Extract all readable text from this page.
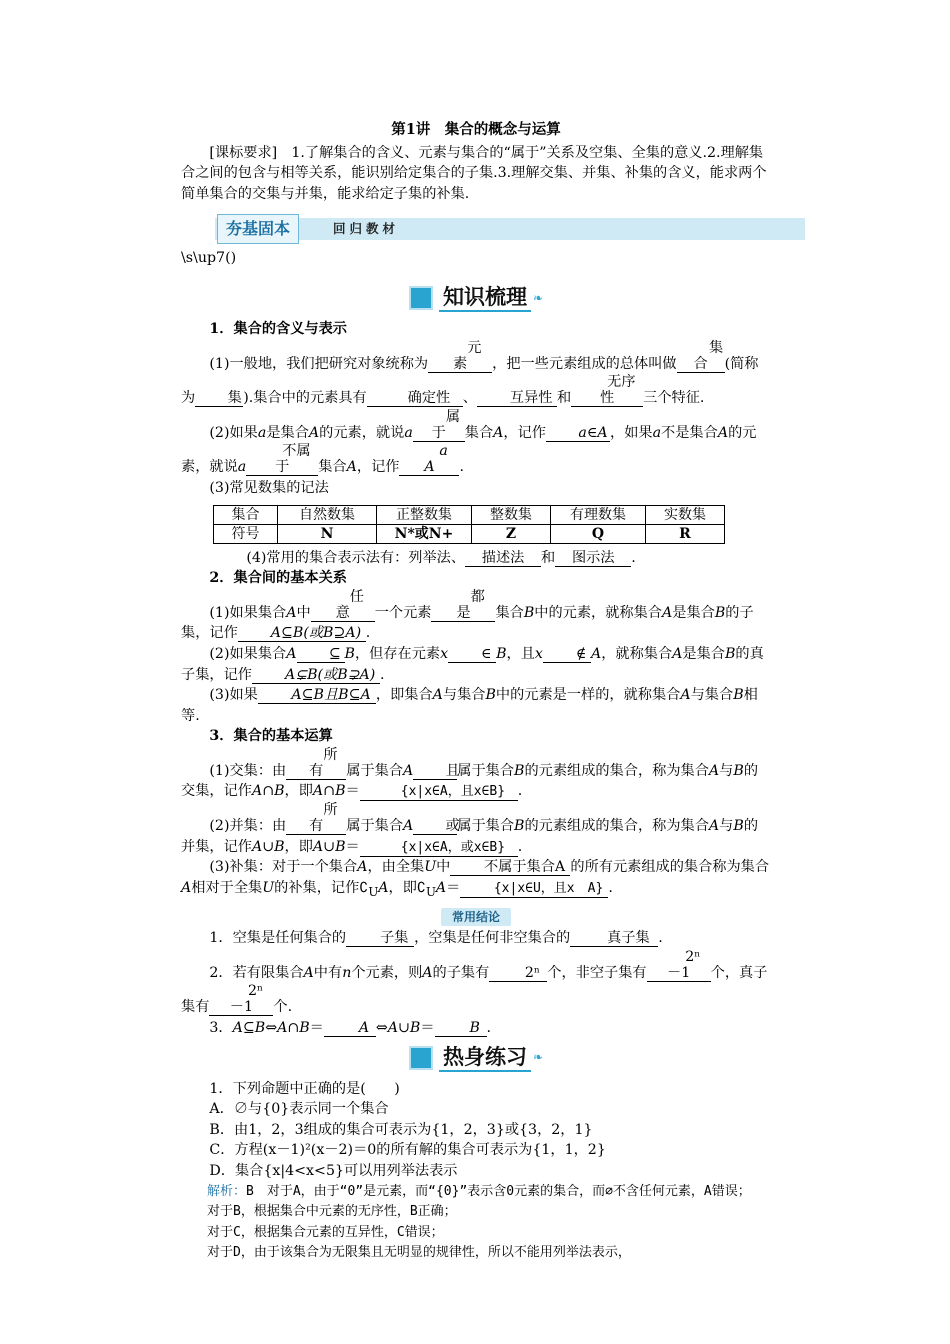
第1讲　集合的概念与运算

[课标要求]　1.了解集合的含义、元素与集合的“属于”关系及空集、全集的意义.2.理解集合之间的包含与相等关系，能识别给定集合的子集.3.理解交集、并集、补集的含义，能求两个简单集合的交集与并集，能求给定子集的补集.

夯基固本	回归教材
\s\up7()
知识梳理 ❧

1．集合的含义与表示

(1)一般地，我们把研究对象统称为元素 ，把一些元素组成的总体叫做集合 (简称为 集).集合中的元素具有	确定性 、 互异性 和无序性 三个特征.

(2)如果a是集合A的元素，就说a属于 集合A，记作 a∈A ，如果a不是集合A的元素，就说a不属于 集合A，记作a　A .

(3)常见数集的记法

集合	自然数集	正整数集	整数集	有理数集	实数集
符号	N	N*或N+	Z	Q	R

(4)常用的集合表示法有：列举法、 描述法 和 图示法 .

2．集合间的基本关系

(1)如果集合A中任意 一个元素都是 集合B中的元素，就称集合A是集合B的子集，记作 A⊆B(或B⊇A) .

(2)如果集合A ⊆ B，但存在元素x ∈ B，且x ∉ A，就称集合A是集合B的真子集，记作 A⊊B(或B⊋A) .

(3)如果 A⊆B且B⊆A ，即集合A与集合B中的元素是一样的，就称集合A与集合B相等.

3．集合的基本运算

(1)交集：由所有 属于集合A 且属于集合B的元素组成的集合，称为集合A与B的交集，记作A∩B，即A∩B＝	{x|x∈A，且x∈B} .

(2)并集：由所有 属于集合A 或属于集合B的元素组成的集合，称为集合A与B的并集，记作A∪B，即A∪B＝	{x|x∈A，或x∈B} .

(3)补集：对于一个集合A，由全集U中 不属于集合A 的所有元素组成的集合称为集合A相对于全集U的补集，记作$∁_UA$，即$∁_UA=$	{x|x∈U，且x　A} .

常用结论

1．空集是任何集合的 子集 ，空集是任何非空集合的	真子集 .

2．若有限集合A中有n个元素，则A的子集有	2ⁿ 个，非空子集有2ⁿ－1 个，真子集有2ⁿ－1 个.

3．A⊆B⇔A∩B＝ A ⇔A∪B＝ B .

热身练习 ❧

1．下列命题中正确的是(　　)

A．∅与{0}表示同一个集合

B．由1，2，3组成的集合可表示为{1，2，3}或{3，2，1}

C．方程(x－1)²(x－2)＝0的所有解的集合可表示为{1，1，2}

D．集合{x|4<x<5}可以用列举法表示

解析：B　对于A，由于“0”是元素，而“{0}”表示含0元素的集合，而∅不含任何元素，A错误；

对于B，根据集合中元素的无序性，B正确；

对于C，根据集合元素的互异性，C错误；

对于D，由于该集合为无限集且无明显的规律性，所以不能用列举法表示，
